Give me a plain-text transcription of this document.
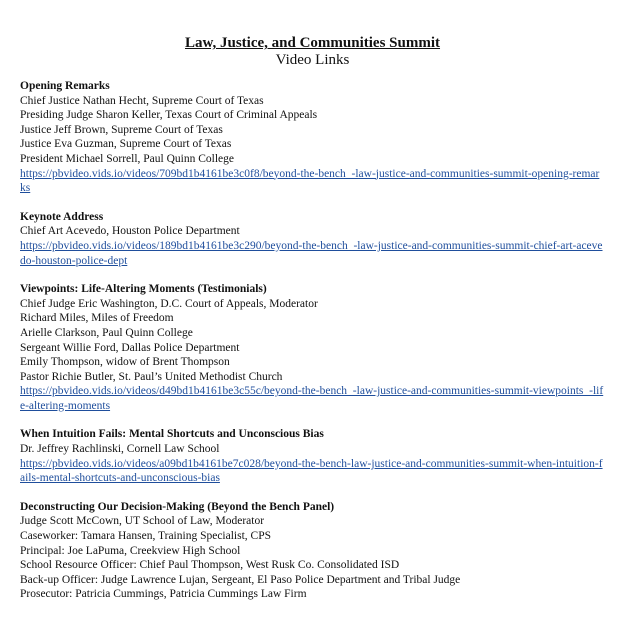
Law, Justice, and Communities Summit
Video Links
Opening Remarks
Chief Justice Nathan Hecht, Supreme Court of Texas
Presiding Judge Sharon Keller, Texas Court of Criminal Appeals
Justice Jeff Brown, Supreme Court of Texas
Justice Eva Guzman, Supreme Court of Texas
President Michael Sorrell, Paul Quinn College
https://pbvideo.vids.io/videos/709bd1b4161be3c0f8/beyond-the-bench_-law-justice-and-communities-summit-opening-remarks
Keynote Address
Chief Art Acevedo, Houston Police Department
https://pbvideo.vids.io/videos/189bd1b4161be3c290/beyond-the-bench_-law-justice-and-communities-summit-chief-art-acevedo-houston-police-dept
Viewpoints: Life-Altering Moments (Testimonials)
Chief Judge Eric Washington, D.C. Court of Appeals, Moderator
Richard Miles, Miles of Freedom
Arielle Clarkson, Paul Quinn College
Sergeant Willie Ford, Dallas Police Department
Emily Thompson, widow of Brent Thompson
Pastor Richie Butler, St. Paul’s United Methodist Church
https://pbvideo.vids.io/videos/d49bd1b4161be3c55c/beyond-the-bench_-law-justice-and-communities-summit-viewpoints_-life-altering-moments
When Intuition Fails: Mental Shortcuts and Unconscious Bias
Dr. Jeffrey Rachlinski, Cornell Law School
https://pbvideo.vids.io/videos/a09bd1b4161be7c028/beyond-the-bench-law-justice-and-communities-summit-when-intuition-fails-mental-shortcuts-and-unconscious-bias
Deconstructing Our Decision-Making (Beyond the Bench Panel)
Judge Scott McCown, UT School of Law, Moderator
Caseworker: Tamara Hansen, Training Specialist, CPS
Principal: Joe LaPuma, Creekview High School
School Resource Officer: Chief Paul Thompson, West Rusk Co. Consolidated ISD
Back-up Officer: Judge Lawrence Lujan, Sergeant, El Paso Police Department and Tribal Judge
Prosecutor: Patricia Cummings, Patricia Cummings Law Firm
